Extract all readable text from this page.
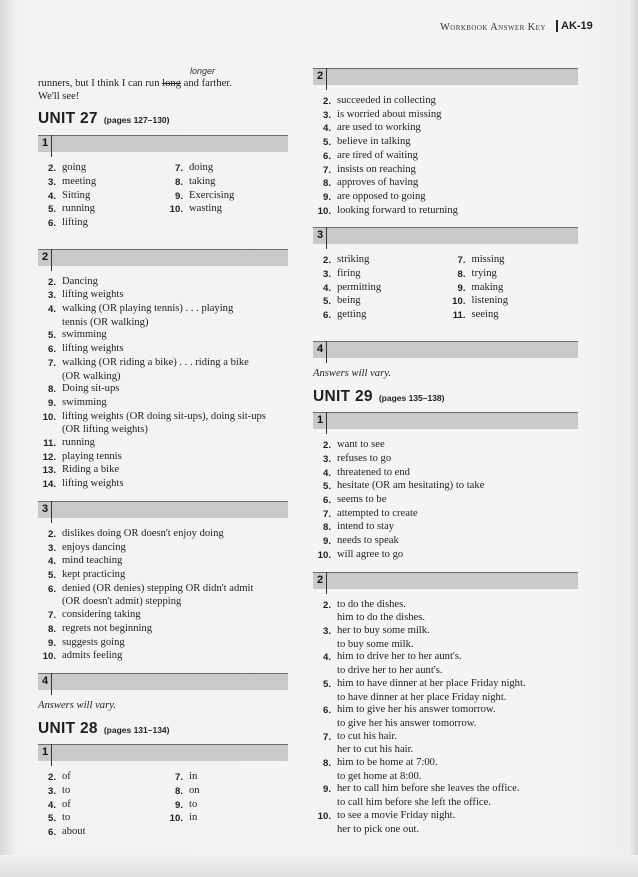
Workbook Answer Key	AK-19
longer
runners, but I think I can run long and farther.
We'll see!
UNIT 27 (pages 127–130)
1
2. going
3. meeting
4. Sitting
5. running
6. lifting
7. doing
8. taking
9. Exercising
10. wasting
2
2. Dancing
3. lifting weights
4. walking (OR playing tennis) . . . playing
tennis (OR walking)
5. swimming
6. lifting weights
7. walking (OR riding a bike) . . . riding a bike
(OR walking)
8. Doing sit-ups
9. swimming
10. lifting weights (OR doing sit-ups), doing sit-ups
(OR lifting weights)
11. running
12. playing tennis
13. Riding a bike
14. lifting weights
3
2. dislikes doing OR doesn't enjoy doing
3. enjoys dancing
4. mind teaching
5. kept practicing
6. denied (OR denies) stepping OR didn't admit
(OR doesn't admit) stepping
7. considering taking
8. regrets not beginning
9. suggests going
10. admits feeling
4
Answers will vary.
UNIT 28 (pages 131–134)
1
2. of
3. to
4. of
5. to
6. about
7. in
8. on
9. to
10. in
2
2. succeeded in collecting
3. is worried about missing
4. are used to working
5. believe in talking
6. are tired of waiting
7. insists on reaching
8. approves of having
9. are opposed to going
10. looking forward to returning
3
2. striking
3. firing
4. permitting
5. being
6. getting
7. missing
8. trying
9. making
10. listening
11. seeing
4
Answers will vary.
UNIT 29 (pages 135–138)
1
2. want to see
3. refuses to go
4. threatened to end
5. hesitate (OR am hesitating) to take
6. seems to be
7. attempted to create
8. intend to stay
9. needs to speak
10. will agree to go
2
2. to do the dishes.
him to do the dishes.
3. her to buy some milk.
to buy some milk.
4. him to drive her to her aunt's.
to drive her to her aunt's.
5. him to have dinner at her place Friday night.
to have dinner at her place Friday night.
6. him to give her his answer tomorrow.
to give her his answer tomorrow.
7. to cut his hair.
her to cut his hair.
8. him to be home at 7:00.
to get home at 8:00.
9. her to call him before she leaves the office.
to call him before she left the office.
10. to see a movie Friday night.
her to pick one out.
